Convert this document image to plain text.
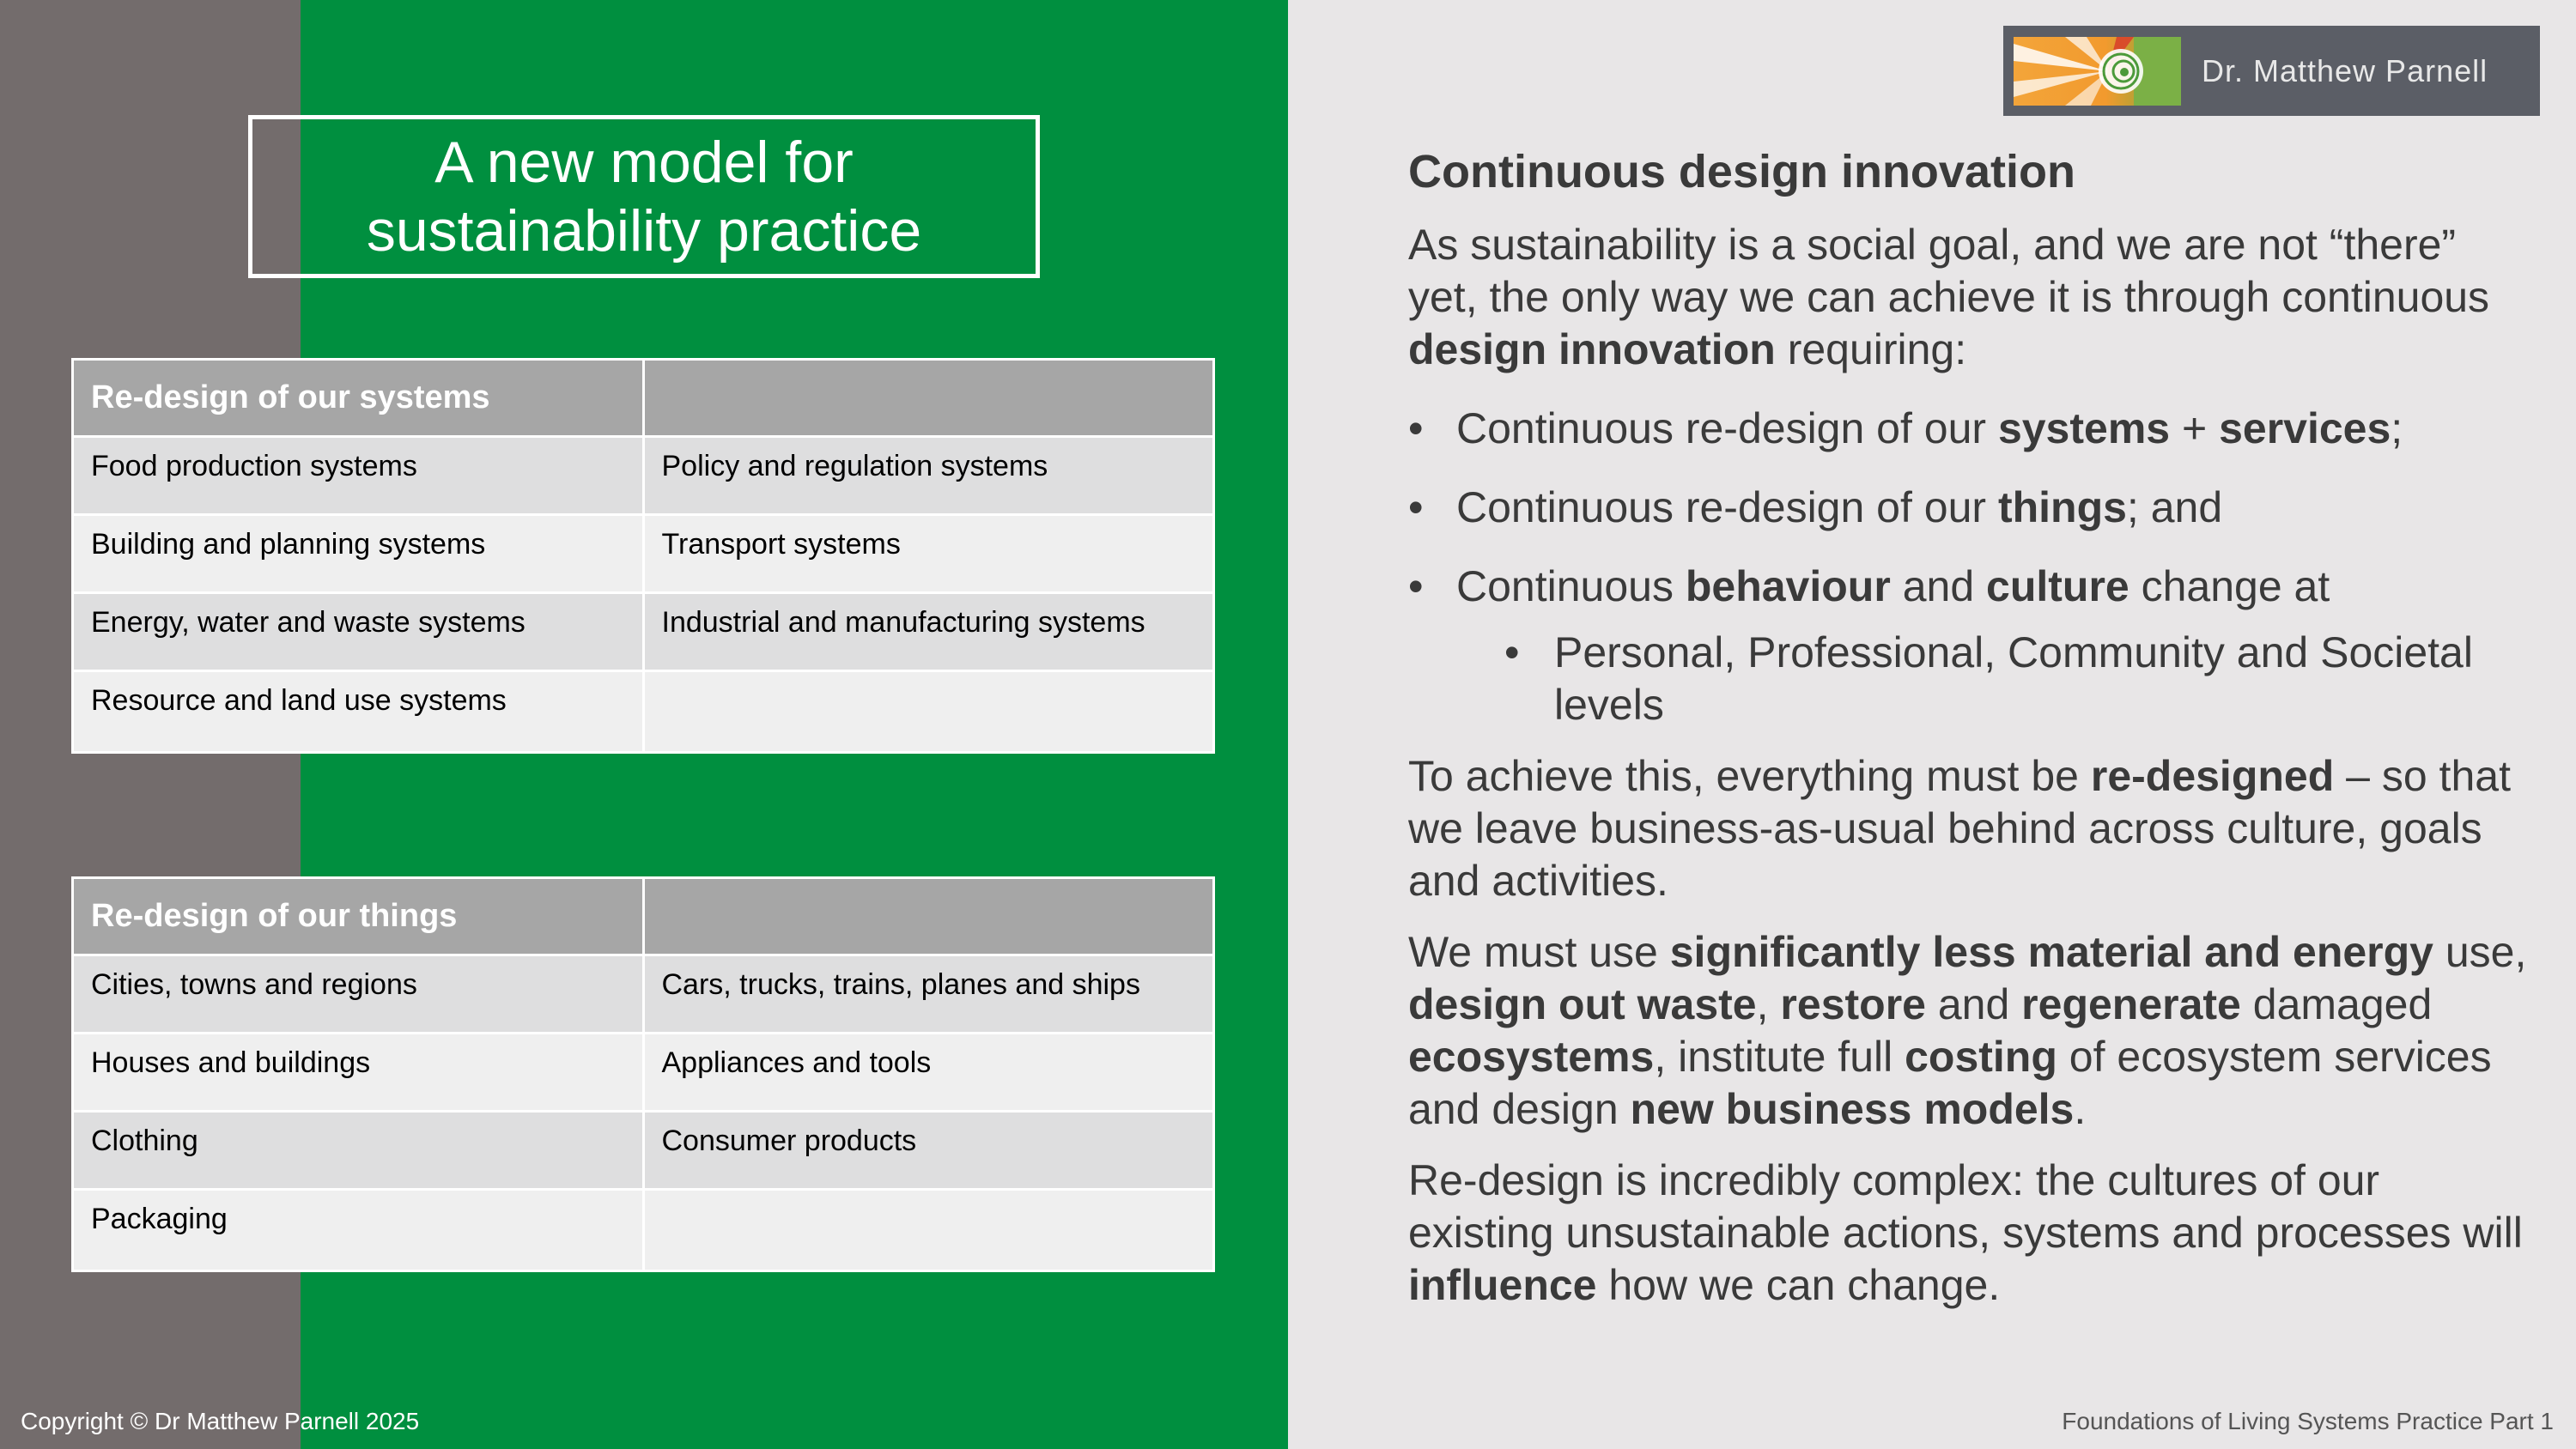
A new model for
sustainability practice
Re-design of our systems	
Food production systems	Policy and regulation systems
Building and planning systems	Transport systems
Energy, water and waste systems	Industrial and manufacturing systems
Resource and land use systems	
Re-design of our things	
Cities, towns and regions	Cars, trucks, trains, planes and ships
Houses and buildings	Appliances and tools
Clothing	Consumer products
Packaging	
Dr. Matthew Parnell
Continuous design innovation
As sustainability is a social goal, and we are not “there” yet, the only way we can achieve it is through continuous design innovation requiring:
• Continuous re-design of our systems + services;
• Continuous re-design of our things; and
• Continuous behaviour and culture change at
• Personal, Professional, Community and Societal levels
To achieve this, everything must be re-designed – so that we leave business-as-usual behind across culture, goals and activities.
We must use significantly less material and energy use, design out waste, restore and regenerate damaged ecosystems, institute full costing of ecosystem services and design new business models.
Re-design is incredibly complex: the cultures of our existing unsustainable actions, systems and processes will influence how we can change.
Copyright © Dr Matthew Parnell 2025	Foundations of Living Systems Practice Part 1
